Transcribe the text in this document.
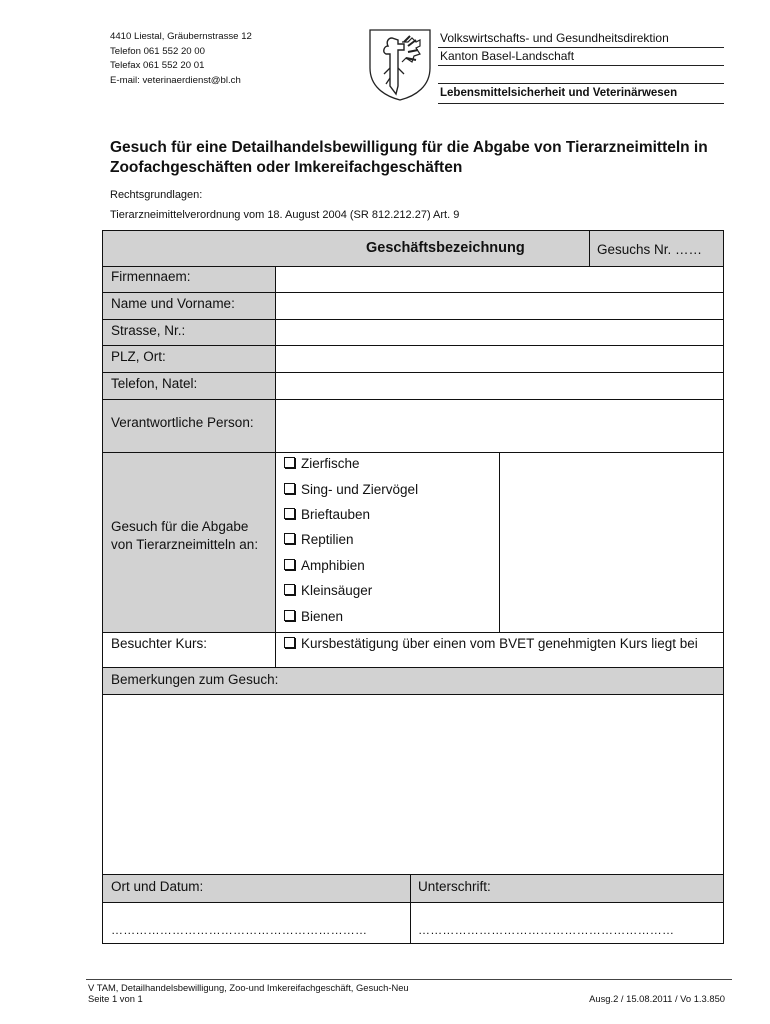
4410 Liestal, Gräubernstrasse 12
Telefon 061 552 20 00
Telefax 061 552 20 01
E-mail: veterinaerdienst@bl.ch
Volkswirtschafts- und Gesundheitsdirektion
Kanton Basel-Landschaft
Lebensmittelsicherheit und Veterinärwesen
Gesuch für eine Detailhandelsbewilligung für die Abgabe von Tierarzneimitteln in Zoofachgeschäften oder Imkereifachgeschäften
Rechtsgrundlagen:
Tierarzneimittelverordnung vom 18. August 2004 (SR 812.212.27) Art. 9
Geschäftsbezeichnung	Gesuchs Nr. ……
Firmennaem:
Name und Vorname:
Strasse, Nr.:
PLZ, Ort:
Telefon, Natel:
Verantwortliche Person:
Gesuch für die Abgabe
von Tierarzneimitteln an:
Zierfische
Sing- und Ziervögel
Brieftauben
Reptilien
Amphibien
Kleinsäuger
Bienen
Besuchter Kurs:	Kursbestätigung über einen vom BVET genehmigten Kurs liegt bei
Bemerkungen zum Gesuch:
Ort und Datum:	Unterschrift:
………………………………………………………	………………………………………………………
V TAM, Detailhandelsbewilligung, Zoo-und Imkereifachgeschäft, Gesuch-Neu
Seite 1 von 1	Ausg.2 / 15.08.2011 / Vo 1.3.850
